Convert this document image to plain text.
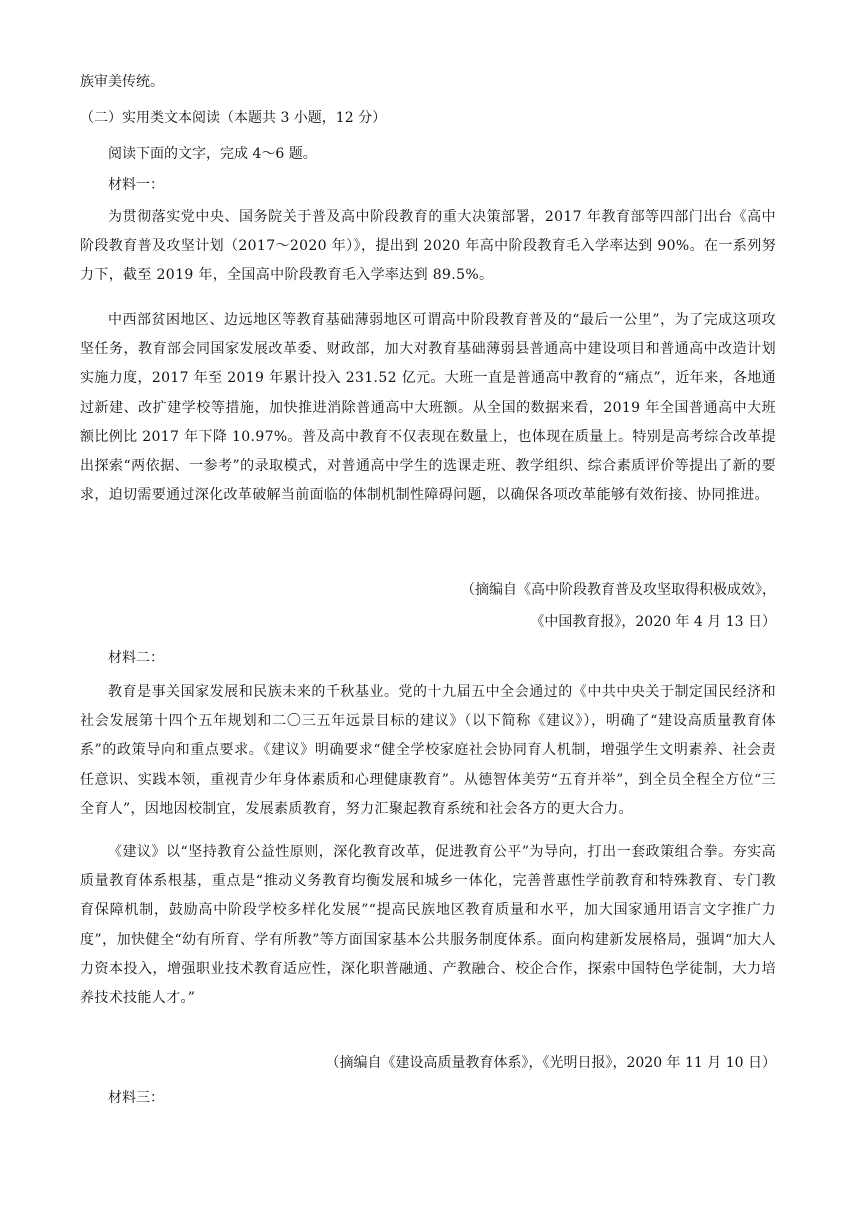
族审美传统。
（二）实用类文本阅读（本题共 3 小题，12 分）
阅读下面的文字，完成 4～6 题。
材料一：
为贯彻落实党中央、国务院关于普及高中阶段教育的重大决策部署，2017 年教育部等四部门出台《高中阶段教育普及攻坚计划（2017～2020 年）》，提出到 2020 年高中阶段教育毛入学率达到 90%。在一系列努力下，截至 2019 年，全国高中阶段教育毛入学率达到 89.5%。
中西部贫困地区、边远地区等教育基础薄弱地区可谓高中阶段教育普及的“最后一公里”，为了完成这项攻坚任务，教育部会同国家发展改革委、财政部，加大对教育基础薄弱县普通高中建设项目和普通高中改造计划实施力度，2017 年至 2019 年累计投入 231.52 亿元。大班一直是普通高中教育的“痛点”，近年来，各地通过新建、改扩建学校等措施，加快推进消除普通高中大班额。从全国的数据来看，2019 年全国普通高中大班额比例比 2017 年下降 10.97%。普及高中教育不仅表现在数量上，也体现在质量上。特别是高考综合改革提出探索“两依据、一参考”的录取模式，对普通高中学生的选课走班、教学组织、综合素质评价等提出了新的要求，迫切需要通过深化改革破解当前面临的体制机制性障碍问题，以确保各项改革能够有效衔接、协同推进。
（摘编自《高中阶段教育普及攻坚取得积极成效》，
《中国教育报》，2020 年 4 月 13 日）
材料二：
教育是事关国家发展和民族未来的千秋基业。党的十九届五中全会通过的《中共中央关于制定国民经济和社会发展第十四个五年规划和二〇三五年远景目标的建议》（以下简称《建议》），明确了“建设高质量教育体系”的政策导向和重点要求。《建议》明确要求“健全学校家庭社会协同育人机制，增强学生文明素养、社会责任意识、实践本领，重视青少年身体素质和心理健康教育”。从德智体美劳“五育并举”，到全员全程全方位“三全育人”，因地因校制宜，发展素质教育，努力汇聚起教育系统和社会各方的更大合力。
《建议》以“坚持教育公益性原则，深化教育改革，促进教育公平”为导向，打出一套政策组合拳。夯实高质量教育体系根基，重点是“推动义务教育均衡发展和城乡一体化，完善普惠性学前教育和特殊教育、专门教育保障机制，鼓励高中阶段学校多样化发展”“提高民族地区教育质量和水平，加大国家通用语言文字推广力度”，加快健全“幼有所育、学有所教”等方面国家基本公共服务制度体系。面向构建新发展格局，强调“加大人力资本投入，增强职业技术教育适应性，深化职普融通、产教融合、校企合作，探索中国特色学徒制，大力培养技术技能人才。”
（摘编自《建设高质量教育体系》，《光明日报》，2020 年 11 月 10 日）
材料三：
